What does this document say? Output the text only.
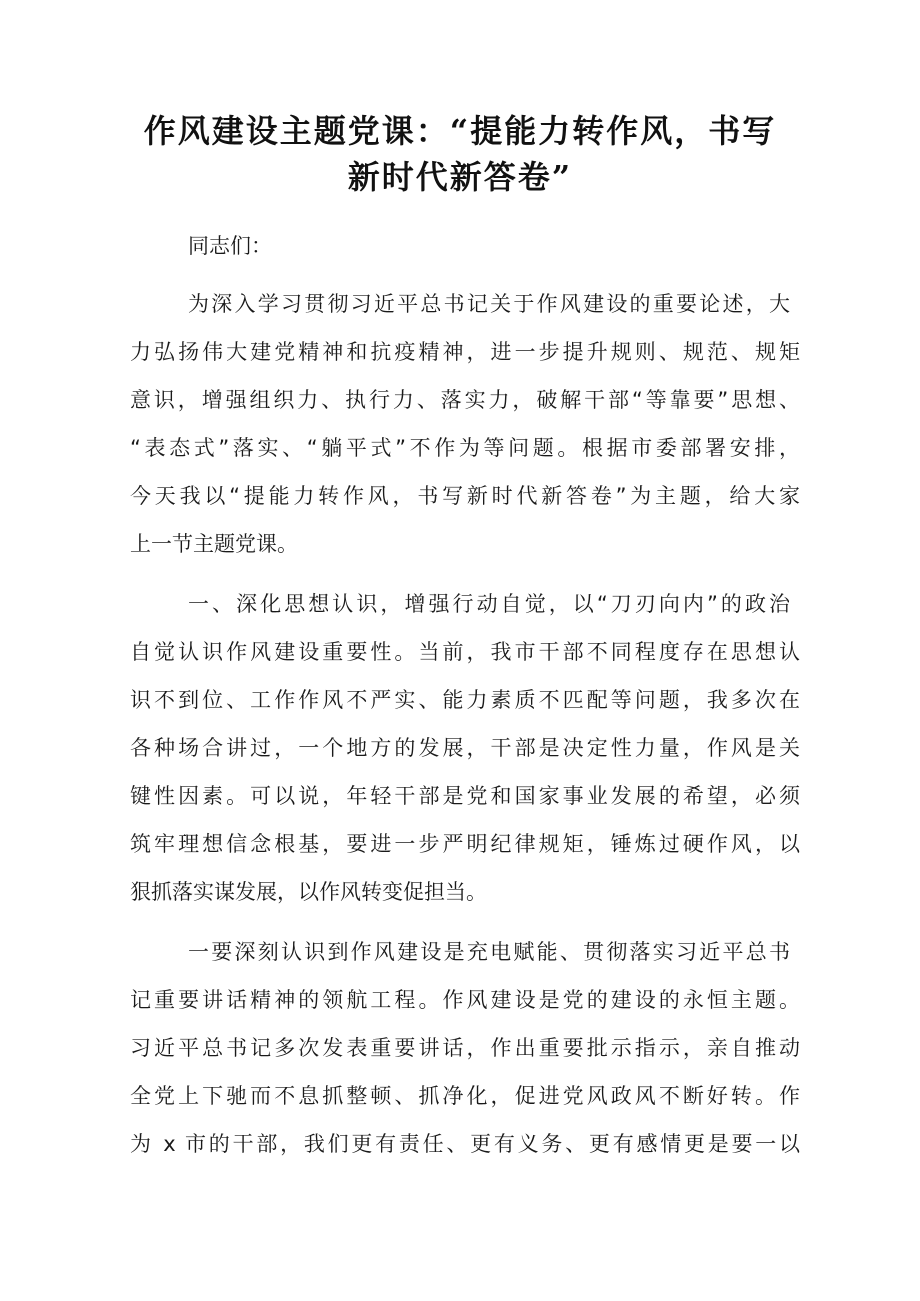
作风建设主题党课：“提能力转作风，书写
新时代新答卷”
同志们：
为深入学习贯彻习近平总书记关于作风建设的重要论述，大
力弘扬伟大建党精神和抗疫精神，进一步提升规则、规范、规矩
意识，增强组织力、执行力、落实力，破解干部“等靠要”思想、
“表态式”落实、“躺平式”不作为等问题。根据市委部署安排，
今天我以“提能力转作风，书写新时代新答卷”为主题，给大家
上一节主题党课。
一、深化思想认识，增强行动自觉，以“刀刃向内”的政治
自觉认识作风建设重要性。当前，我市干部不同程度存在思想认
识不到位、工作作风不严实、能力素质不匹配等问题，我多次在
各种场合讲过，一个地方的发展，干部是决定性力量，作风是关
键性因素。可以说，年轻干部是党和国家事业发展的希望，必须
筑牢理想信念根基，要进一步严明纪律规矩，锤炼过硬作风，以
狠抓落实谋发展，以作风转变促担当。
一要深刻认识到作风建设是充电赋能、贯彻落实习近平总书
记重要讲话精神的领航工程。作风建设是党的建设的永恒主题。
习近平总书记多次发表重要讲话，作出重要批示指示，亲自推动
全党上下驰而不息抓整顿、抓净化，促进党风政风不断好转。作
为 x 市的干部，我们更有责任、更有义务、更有感情更是要一以
